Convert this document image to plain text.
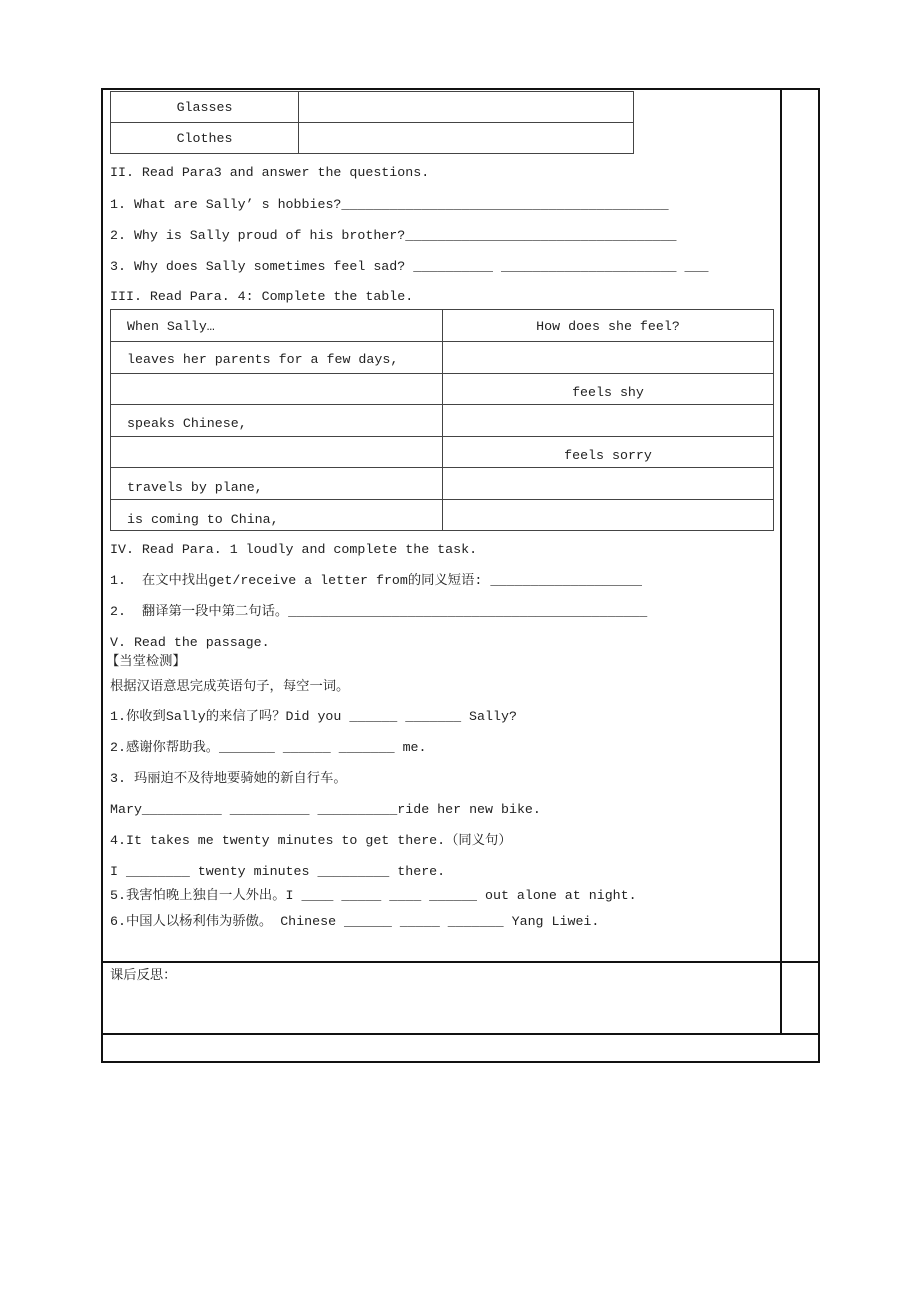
Glasses
Clothes
II. Read Para3 and answer the questions.
1. What are Sally’ s hobbies?_________________________________________
2. Why is Sally proud of his brother?__________________________________
3. Why does Sally sometimes feel sad? __________ ______________________ ___
III. Read Para. 4: Complete the table.
When Sally…	How does she feel?
leaves her parents for a few days,
feels shy
speaks Chinese,
feels sorry
travels by plane,
is coming to China,
IV. Read Para. 1 loudly and complete the task.
1.  在文中找出get/receive a letter from的同义短语: ___________________
2.  翻译第一段中第二句话。_____________________________________________
V. Read the passage.
【当堂检测】
根据汉语意思完成英语句子，每空一词。
1.你收到Sally的来信了吗？Did you ______ _______ Sally?
2.感谢你帮助我。_______ ______ _______ me.
3. 玛丽迫不及待地要骑她的新自行车。
Mary__________ __________ __________ride her new bike.
4.It takes me twenty minutes to get there.（同义句）
I ________ twenty minutes _________ there.
5.我害怕晚上独自一人外出。I ____ _____ ____ ______ out alone at night.
6.中国人以杨利伟为骄傲。 Chinese ______ _____ _______ Yang Liwei.
课后反思：
